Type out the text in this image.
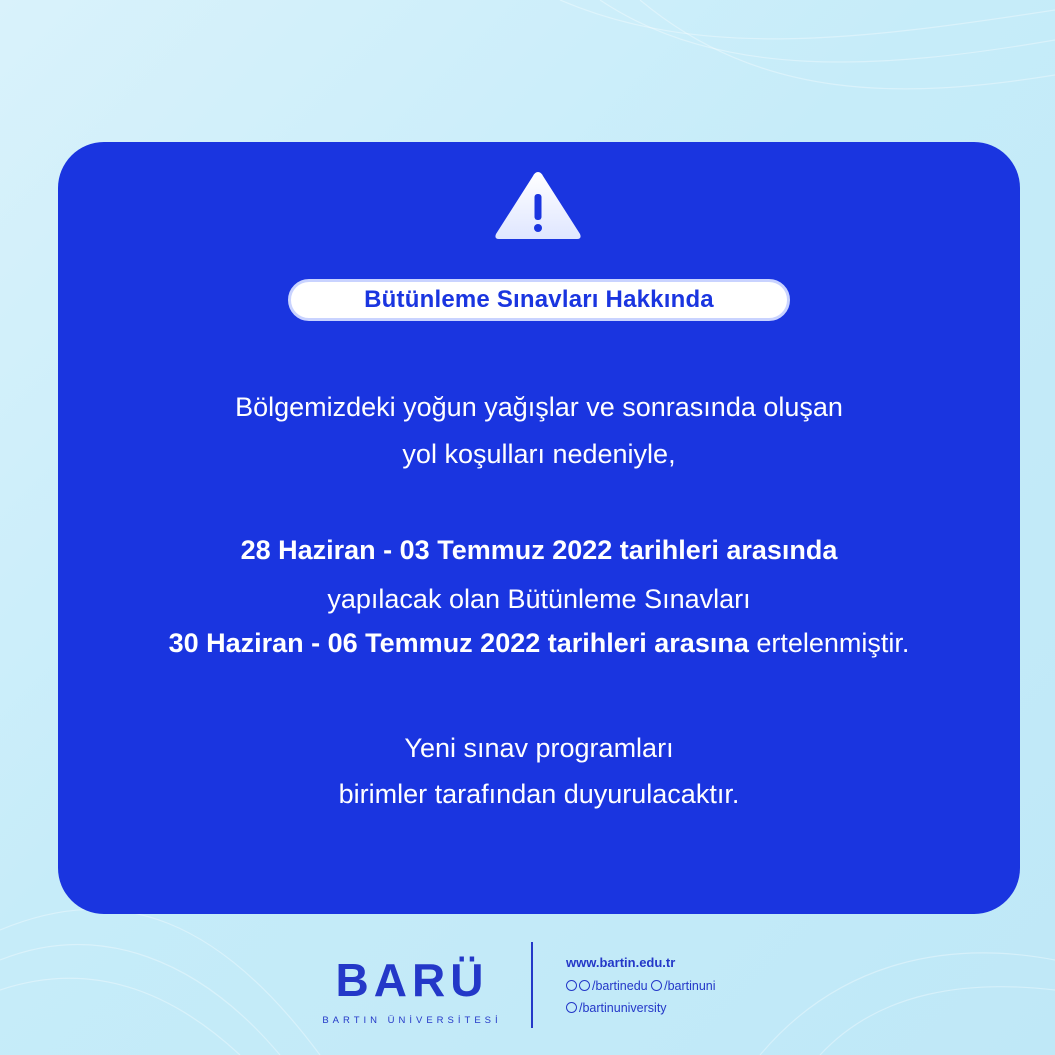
Bütünleme Sınavları Hakkında
Bölgemizdeki yoğun yağışlar ve sonrasında oluşan
yol koşulları nedeniyle,
28 Haziran - 03 Temmuz 2022 tarihleri arasında
yapılacak olan Bütünleme Sınavları
30 Haziran - 06 Temmuz 2022 tarihleri arasına ertelenmiştir.
Yeni sınav programları
birimler tarafından duyurulacaktır.
BARÜ
BARTIN ÜNİVERSİTESİ
www.bartin.edu.tr
/bartinedu /bartinuni
/bartinuniversity
